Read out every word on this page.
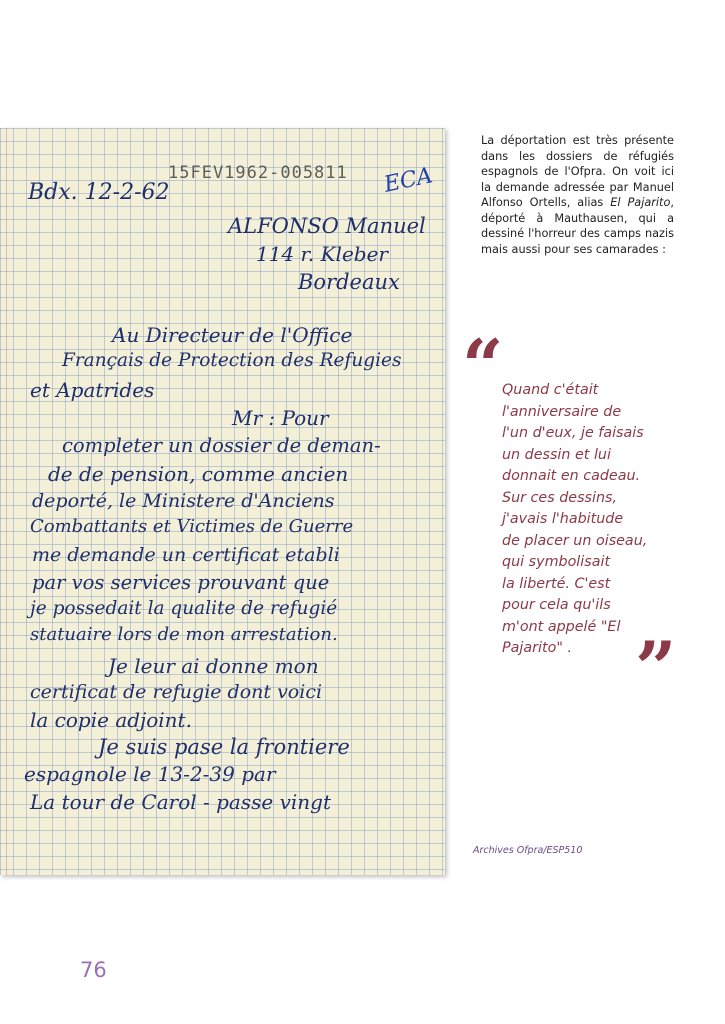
15FEV1962-005811 ECA
Bdx. 12-2-62
ALFONSO Manuel
114 r. Kleber
Bordeaux
Au Directeur de l'Office
Français de Protection des Refugies
et Apatrides
Mr : Pour
completer un dossier de deman-
de de pension, comme ancien
deporté, le Ministere d'Anciens
Combattants et Victimes de Guerre
me demande un certificat etabli
par vos services prouvant que
je possedait la qualite de refugié
statuaire lors de mon arrestation.
Je leur ai donne mon
certificat de refugie dont voici
la copie adjoint.
Je suis pase la frontiere
espagnole le 13-2-39 par
La tour de Carol - passe vingt

La déportation est très présente dans les dossiers de réfugiés espagnols de l'Ofpra. On voit ici la demande adressée par Manuel Alfonso Ortells, alias El Pajarito, déporté à Mauthausen, qui a dessiné l'horreur des camps nazis mais aussi pour ses camarades :

“
Quand c'était
l'anniversaire de
l'un d'eux, je faisais
un dessin et lui
donnait en cadeau.
Sur ces dessins,
j'avais l'habitude
de placer un oiseau,
qui symbolisait
la liberté. C'est
pour cela qu'ils
m'ont appelé "El
Pajarito" . ”
Archives Ofpra/ESP510
76
